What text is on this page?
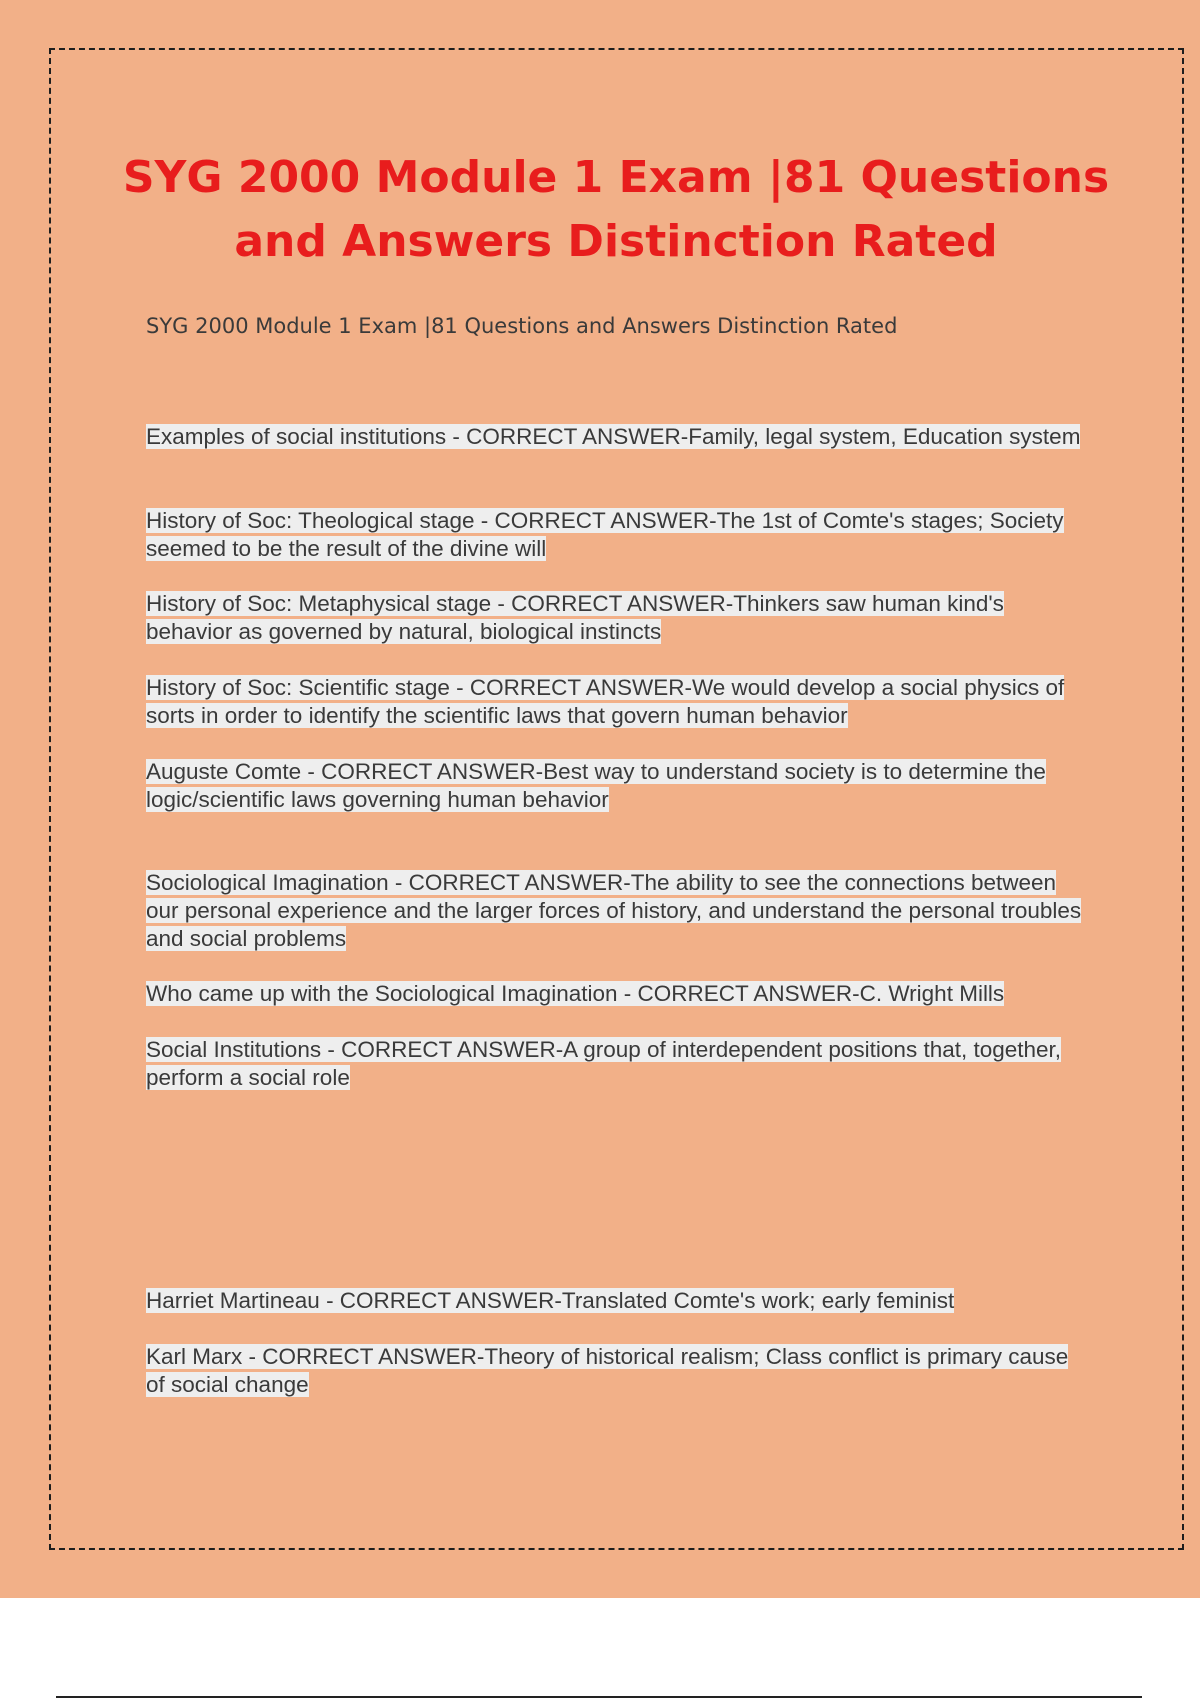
SYG 2000 Module 1 Exam |81 Questions and Answers Distinction Rated

SYG 2000 Module 1 Exam |81 Questions and Answers Distinction Rated

Examples of social institutions - CORRECT ANSWER-Family, legal system, Education system

History of Soc: Theological stage - CORRECT ANSWER-The 1st of Comte's stages; Society seemed to be the result of the divine will

History of Soc: Metaphysical stage - CORRECT ANSWER-Thinkers saw human kind's behavior as governed by natural, biological instincts

History of Soc: Scientific stage - CORRECT ANSWER-We would develop a social physics of sorts in order to identify the scientific laws that govern human behavior

Auguste Comte - CORRECT ANSWER-Best way to understand society is to determine the logic/scientific laws governing human behavior

Sociological Imagination - CORRECT ANSWER-The ability to see the connections between our personal experience and the larger forces of history, and understand the personal troubles and social problems

Who came up with the Sociological Imagination - CORRECT ANSWER-C. Wright Mills

Social Institutions - CORRECT ANSWER-A group of interdependent positions that, together, perform a social role

Harriet Martineau - CORRECT ANSWER-Translated Comte's work; early feminist

Karl Marx - CORRECT ANSWER-Theory of historical realism; Class conflict is primary cause of social change
